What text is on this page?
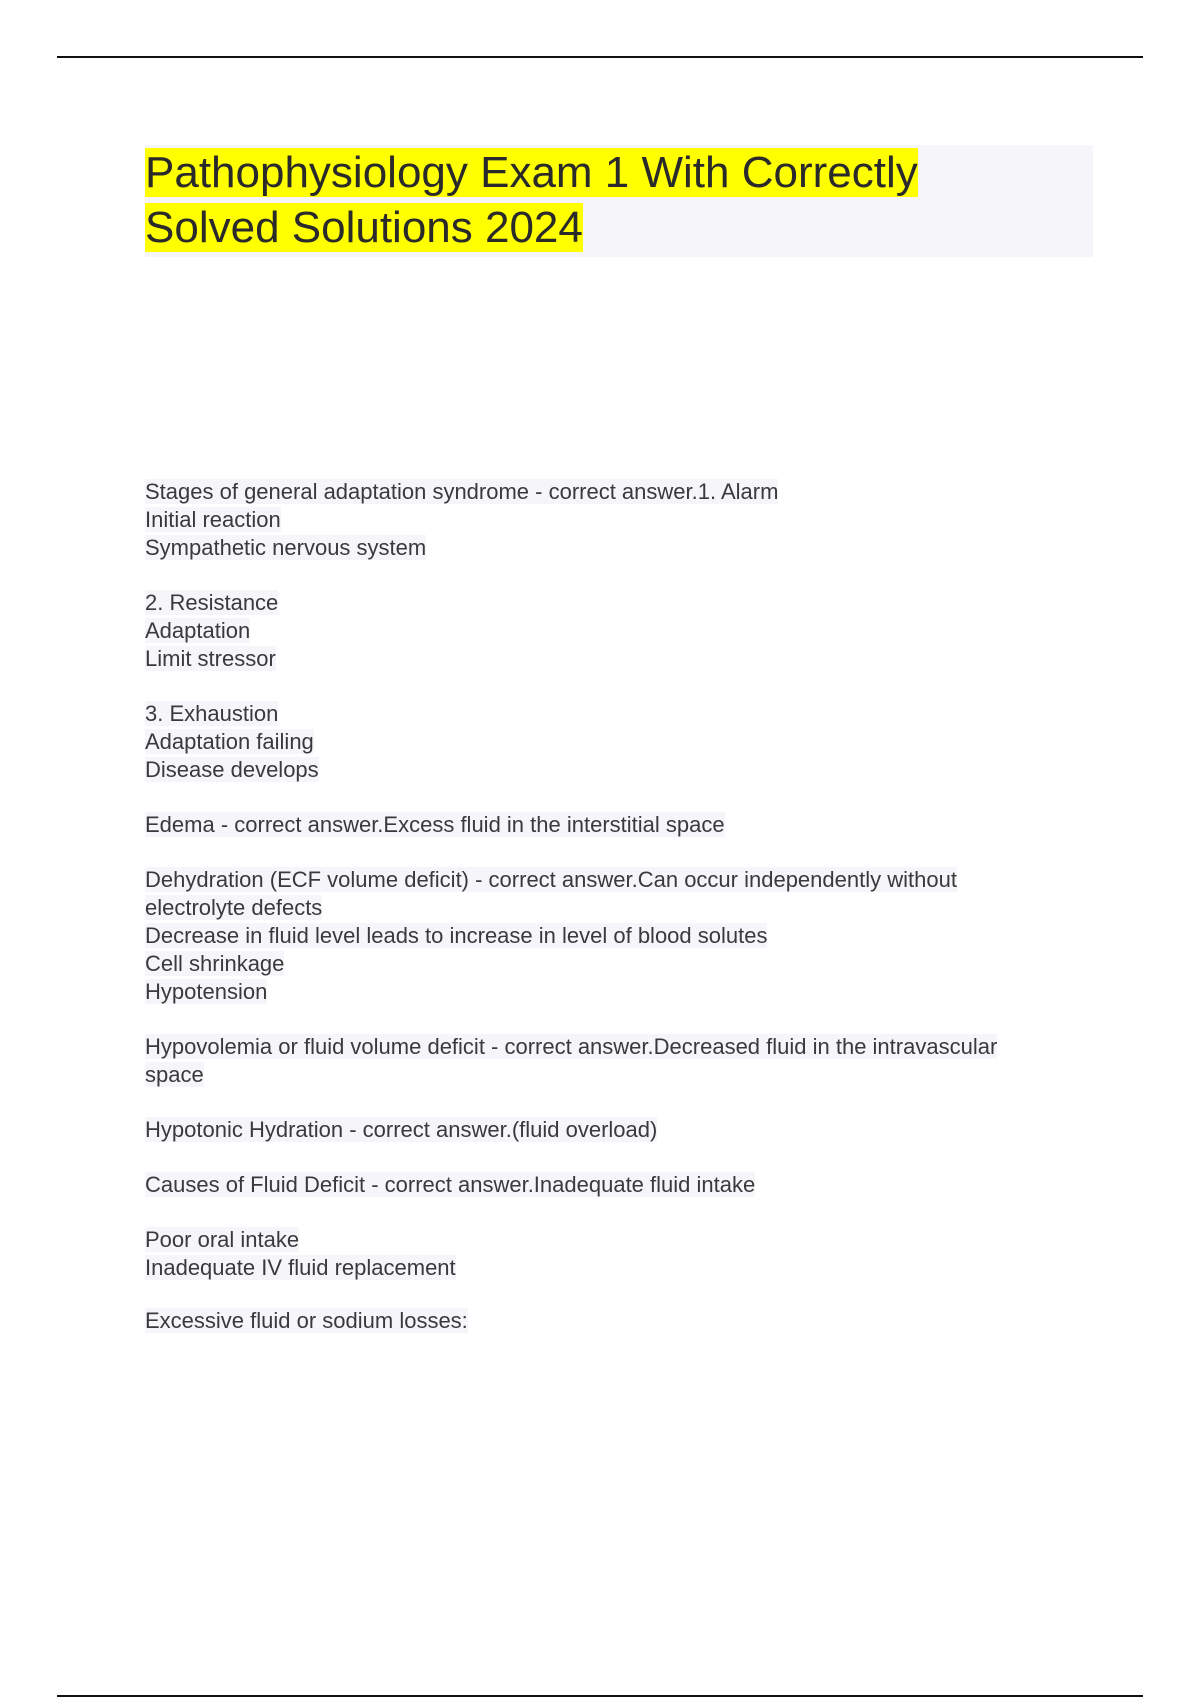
Pathophysiology Exam 1 With Correctly
Solved Solutions 2024

Stages of general adaptation syndrome - correct answer.1. Alarm

Initial reaction

Sympathetic nervous system

2. Resistance

Adaptation

Limit stressor

3. Exhaustion

Adaptation failing

Disease develops

Edema - correct answer.Excess fluid in the interstitial space

Dehydration (ECF volume deficit) - correct answer.Can occur independently without

electrolyte defects

Decrease in fluid level leads to increase in level of blood solutes

Cell shrinkage

Hypotension

Hypovolemia or fluid volume deficit - correct answer.Decreased fluid in the intravascular

space

Hypotonic Hydration - correct answer.(fluid overload)

Causes of Fluid Deficit - correct answer.Inadequate fluid intake

Poor oral intake

Inadequate IV fluid replacement

Excessive fluid or sodium losses:
